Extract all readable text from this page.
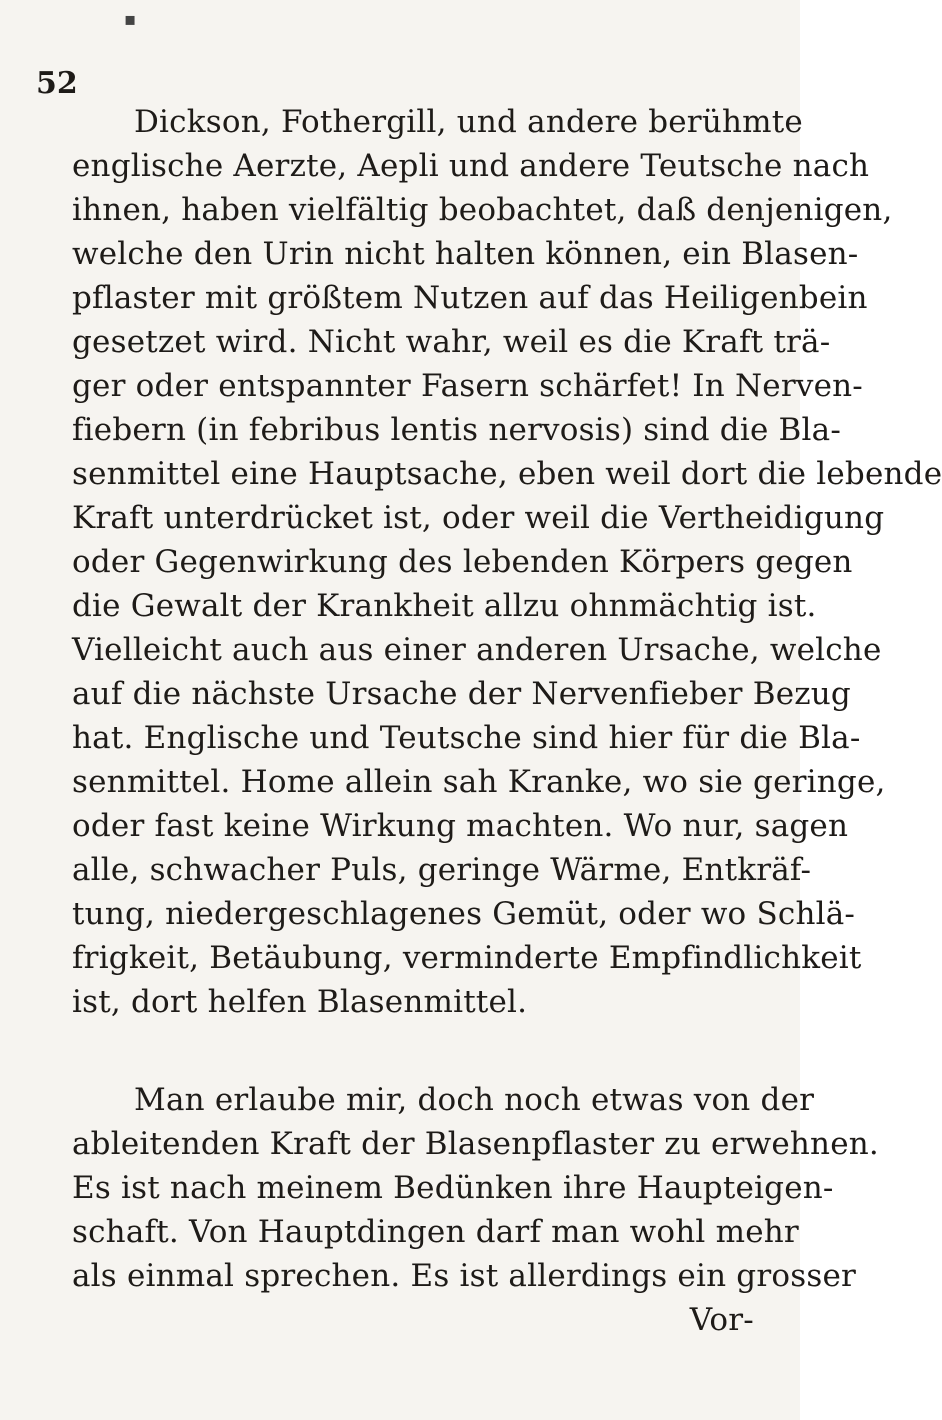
▪
52
Dickson, Fothergill, und andere berühmte
englische Aerzte, Aepli und andere Teutsche nach
ihnen, haben vielfältig beobachtet, daß denjenigen,
welche den Urin nicht halten können, ein Blasen-
pflaster mit größtem Nutzen auf das Heiligenbein
gesetzet wird. Nicht wahr, weil es die Kraft trä-
ger oder entspannter Fasern schärfet! In Nerven-
fiebern (in febribus lentis nervosis) sind die Bla-
senmittel eine Hauptsache, eben weil dort die lebende
Kraft unterdrücket ist, oder weil die Vertheidigung
oder Gegenwirkung des lebenden Körpers gegen
die Gewalt der Krankheit allzu ohnmächtig ist.
Vielleicht auch aus einer anderen Ursache, welche
auf die nächste Ursache der Nervenfieber Bezug
hat. Englische und Teutsche sind hier für die Bla-
senmittel. Home allein sah Kranke, wo sie geringe,
oder fast keine Wirkung machten. Wo nur, sagen
alle, schwacher Puls, geringe Wärme, Entkräf-
tung, niedergeschlagenes Gemüt, oder wo Schlä-
frigkeit, Betäubung, verminderte Empfindlichkeit
ist, dort helfen Blasenmittel.
Man erlaube mir, doch noch etwas von der
ableitenden Kraft der Blasenpflaster zu erwehnen.
Es ist nach meinem Bedünken ihre Haupteigen-
schaft. Von Hauptdingen darf man wohl mehr
als einmal sprechen. Es ist allerdings ein grosser
Vor-
